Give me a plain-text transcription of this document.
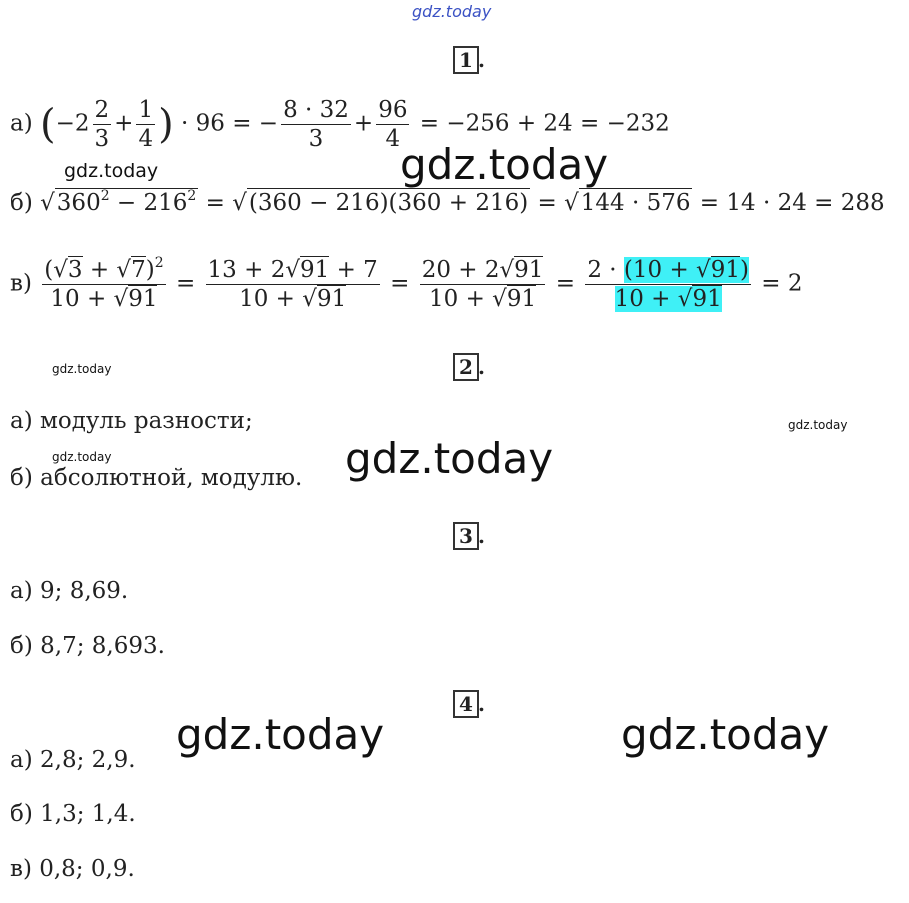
gdz.today
1 .
а) ($-2 \frac{2}{3} + \frac{1}{4}$ ) · 96 = − $\frac{8 \cdot 32}{3} + \frac{96}{4} = -256 + 24 = -232$
б) $√360^2 - 216^2 = √(360 - 216)(360 + 216) = √144 \cdot 576 = 14 \cdot 24 = 288$
$в) \frac{(√3 + √7)^2}{10 + √91} = \frac{13 + 2√91 + 7}{10 + √91} = \frac{20 + 2√91}{10 + √91} = \frac{2 \cdot (10 + √91)}{10 + √91} = 2$
2 .
а) модуль разности;
б) абсолютной, модулю.
3 .
а) 9; 8,69.
б) 8,7; 8,693.
4 .
а) 2,8; 2,9.
б) 1,3; 1,4.
в) 0,8; 0,9.
gdz.today
gdz.today
gdz.today
gdz.today
gdz.today	gdz.today
gdz.today	gdz.today
